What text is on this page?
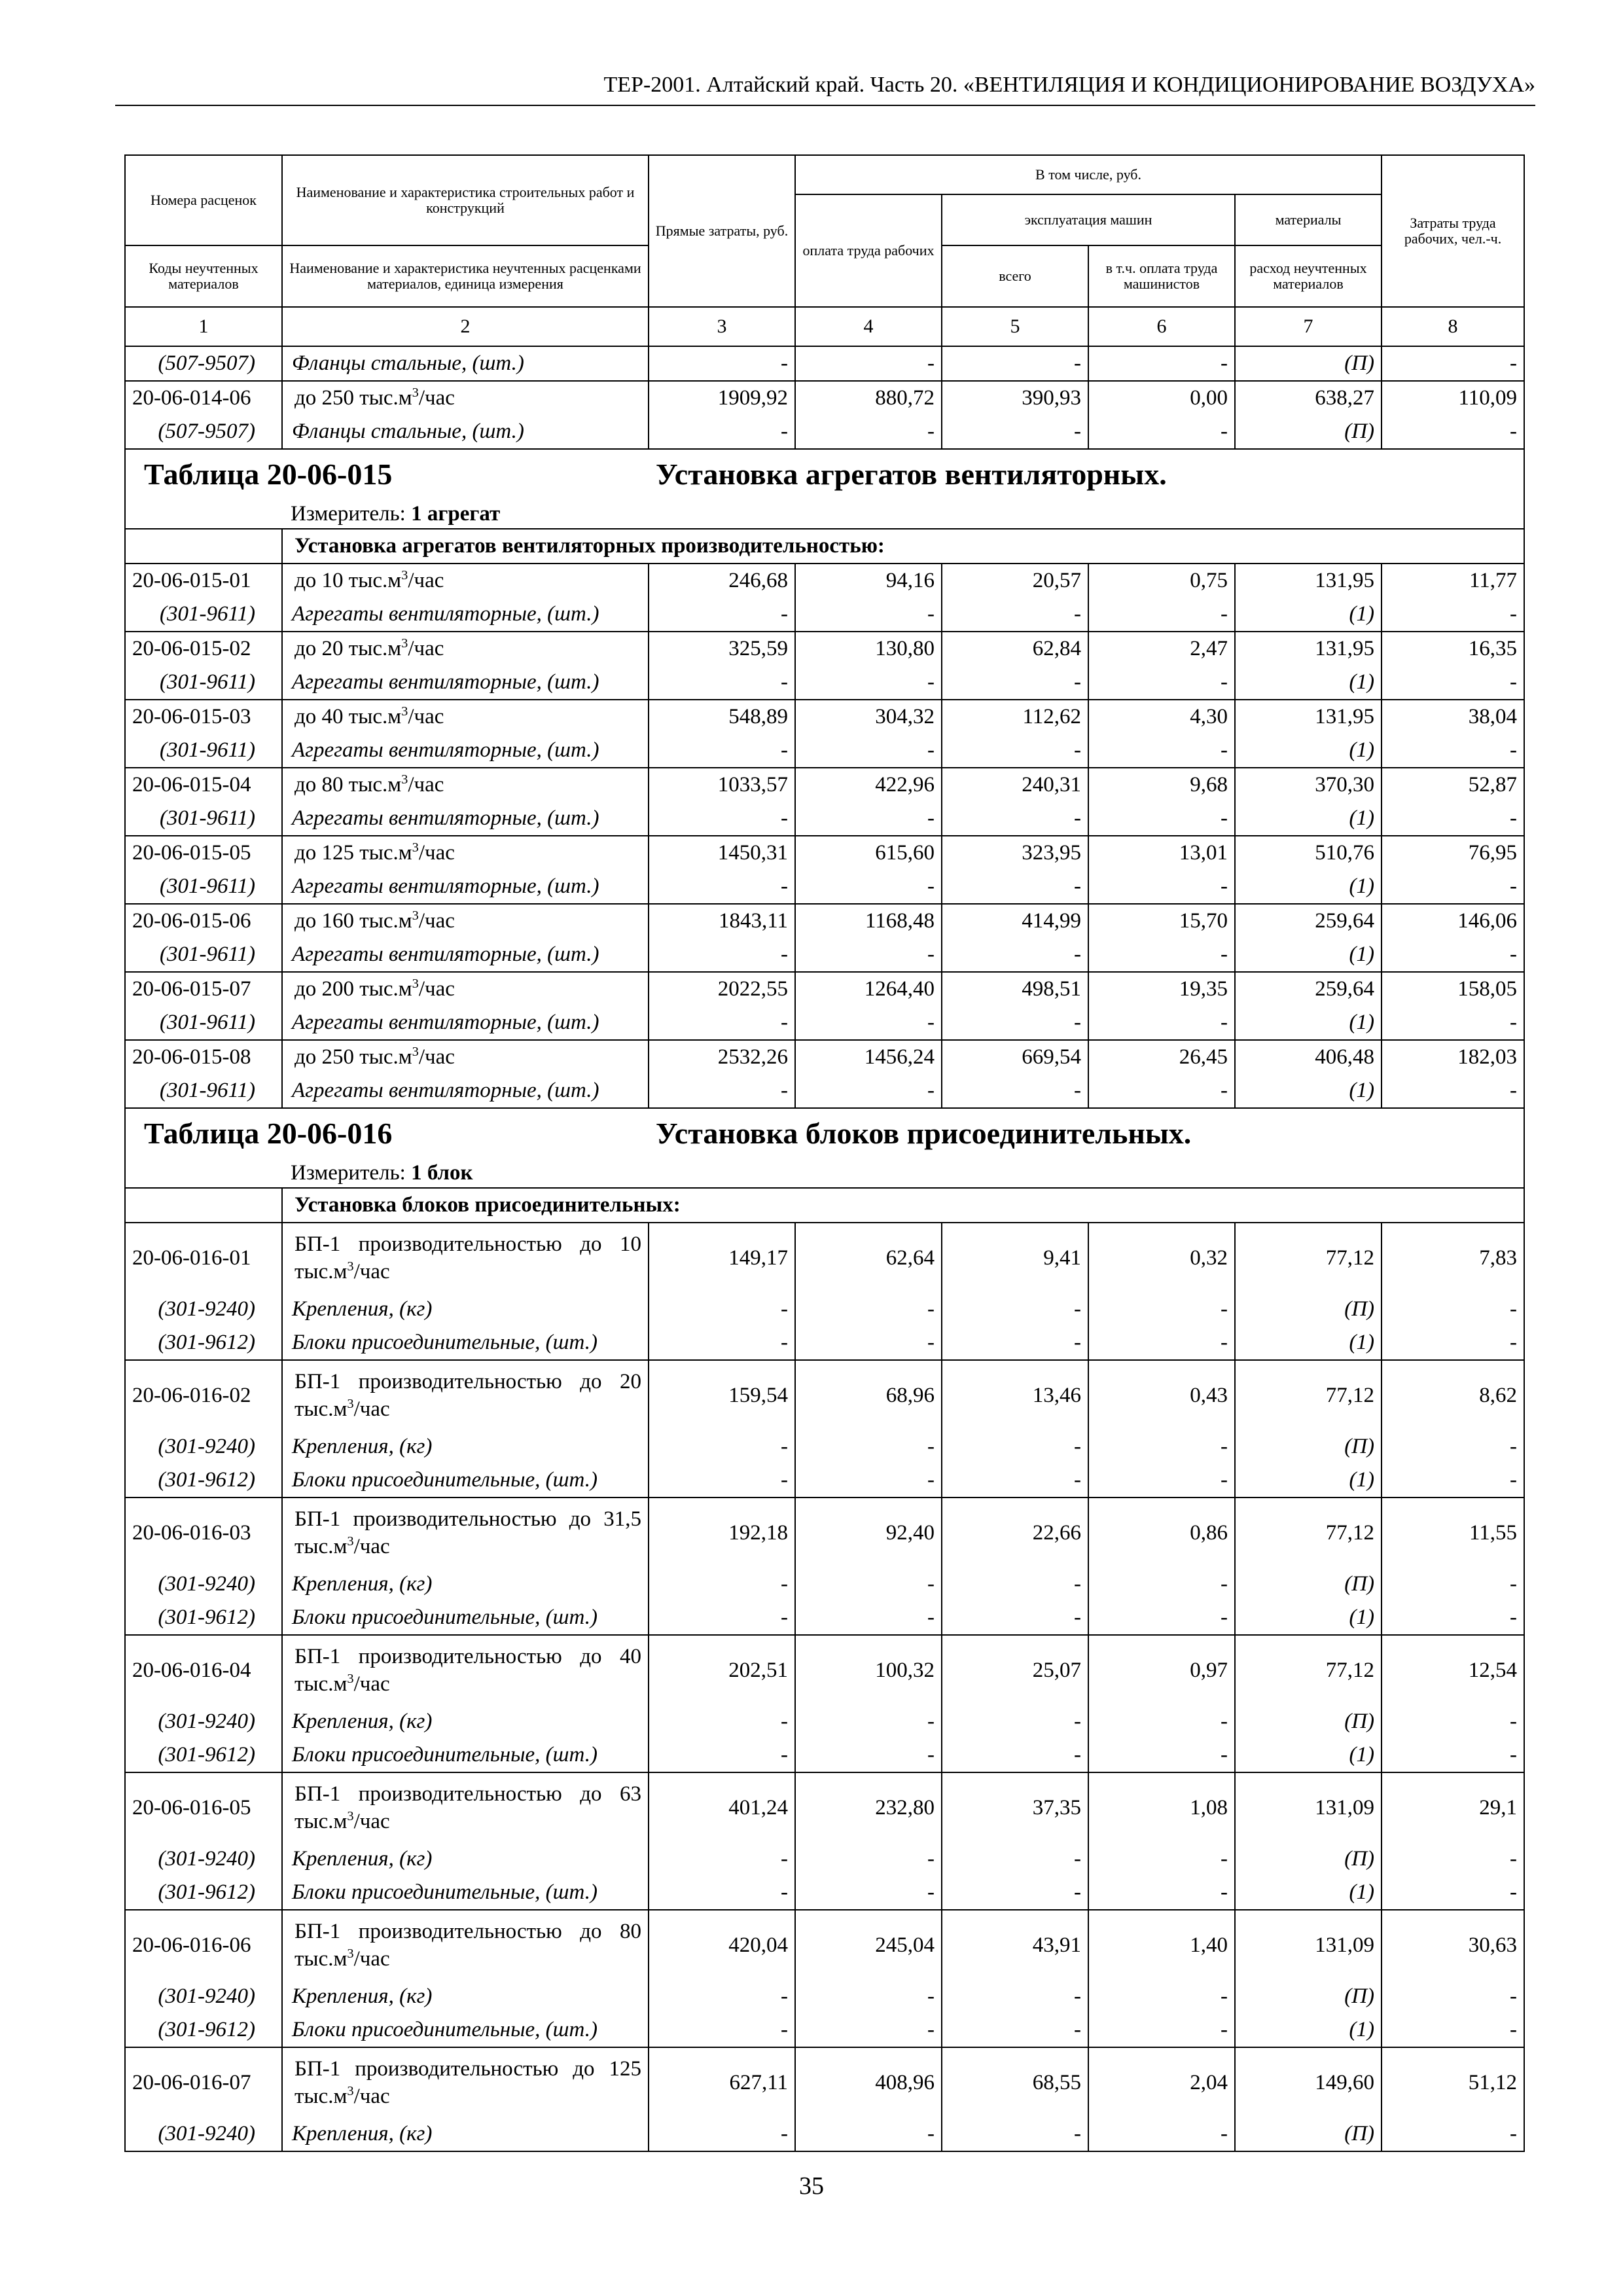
ТЕР-2001. Алтайский край. Часть 20. «ВЕНТИЛЯЦИЯ И КОНДИЦИОНИРОВАНИЕ ВОЗДУХА»
Номера расценок	Наименование и характеристика строительных работ и конструкций	Прямые затраты, руб.	В том числе, руб.				Затраты труда рабочих, чел.-ч.
			оплата труда рабочих	эксплуатация машин		материалы	
Коды неучтенных материалов	Наименование и характеристика неучтенных расценками материалов, единица измерения			всего	в т.ч. оплата труда машинистов	расход неучтенных материалов	
1	2	3	4	5	6	7	8
(507-9507)	Фланцы стальные, (шт.)	-	-	-	-	(П)	-
20-06-014-06	до 250 $тыс.м^3$/час	1909,92	880,72	390,93	0,00	638,27	110,09
(507-9507)	Фланцы стальные, (шт.)	-	-	-	-	(П)	-

Таблица 20-06-015 Установка агрегатов вентиляторных.
Измеритель: 1 агрегат							

	Установка агрегатов вентиляторных производительностью:						
20-06-015-01	до 10 $тыс.м^3$/час	246,68	94,16	20,57	0,75	131,95	11,77
(301-9611)	Агрегаты вентиляторные, (шт.)	-	-	-	-	(1)	-
20-06-015-02	до 20 $тыс.м^3$/час	325,59	130,80	62,84	2,47	131,95	16,35
(301-9611)	Агрегаты вентиляторные, (шт.)	-	-	-	-	(1)	-
20-06-015-03	до 40 $тыс.м^3$/час	548,89	304,32	112,62	4,30	131,95	38,04
(301-9611)	Агрегаты вентиляторные, (шт.)	-	-	-	-	(1)	-
20-06-015-04	до 80 $тыс.м^3$/час	1033,57	422,96	240,31	9,68	370,30	52,87
(301-9611)	Агрегаты вентиляторные, (шт.)	-	-	-	-	(1)	-
20-06-015-05	до 125 $тыс.м^3$/час	1450,31	615,60	323,95	13,01	510,76	76,95
(301-9611)	Агрегаты вентиляторные, (шт.)	-	-	-	-	(1)	-
20-06-015-06	до 160 $тыс.м^3$/час	1843,11	1168,48	414,99	15,70	259,64	146,06
(301-9611)	Агрегаты вентиляторные, (шт.)	-	-	-	-	(1)	-
20-06-015-07	до 200 $тыс.м^3$/час	2022,55	1264,40	498,51	19,35	259,64	158,05
(301-9611)	Агрегаты вентиляторные, (шт.)	-	-	-	-	(1)	-
20-06-015-08	до 250 $тыс.м^3$/час	2532,26	1456,24	669,54	26,45	406,48	182,03
(301-9611)	Агрегаты вентиляторные, (шт.)	-	-	-	-	(1)	-

Таблица 20-06-016 Установка блоков присоединительных.
Измеритель: 1 блок							

	Установка блоков присоединительных:						
20-06-016-01	БП-1 производительностью до 10 $тыс.м^3$/час	149,17	62,64	9,41	0,32	77,12	7,83
(301-9240)	Крепления, (кг)	-	-	-	-	(П)	-
(301-9612)	Блоки присоединительные, (шт.)	-	-	-	-	(1)	-
20-06-016-02	БП-1 производительностью до 20 $тыс.м^3$/час	159,54	68,96	13,46	0,43	77,12	8,62
(301-9240)	Крепления, (кг)	-	-	-	-	(П)	-
(301-9612)	Блоки присоединительные, (шт.)	-	-	-	-	(1)	-
20-06-016-03	БП-1 производительностью до 31,5 $тыс.м^3$/час	192,18	92,40	22,66	0,86	77,12	11,55
(301-9240)	Крепления, (кг)	-	-	-	-	(П)	-
(301-9612)	Блоки присоединительные, (шт.)	-	-	-	-	(1)	-
20-06-016-04	БП-1 производительностью до 40 $тыс.м^3$/час	202,51	100,32	25,07	0,97	77,12	12,54
(301-9240)	Крепления, (кг)	-	-	-	-	(П)	-
(301-9612)	Блоки присоединительные, (шт.)	-	-	-	-	(1)	-
20-06-016-05	БП-1 производительностью до 63 $тыс.м^3$/час	401,24	232,80	37,35	1,08	131,09	29,1
(301-9240)	Крепления, (кг)	-	-	-	-	(П)	-
(301-9612)	Блоки присоединительные, (шт.)	-	-	-	-	(1)	-
20-06-016-06	БП-1 производительностью до 80 $тыс.м^3$/час	420,04	245,04	43,91	1,40	131,09	30,63
(301-9240)	Крепления, (кг)	-	-	-	-	(П)	-
(301-9612)	Блоки присоединительные, (шт.)	-	-	-	-	(1)	-
20-06-016-07	БП-1 производительностью до 125 $тыс.м^3$/час	627,11	408,96	68,55	2,04	149,60	51,12
(301-9240)	Крепления, (кг)	-	-	-	-	(П)	-
35
